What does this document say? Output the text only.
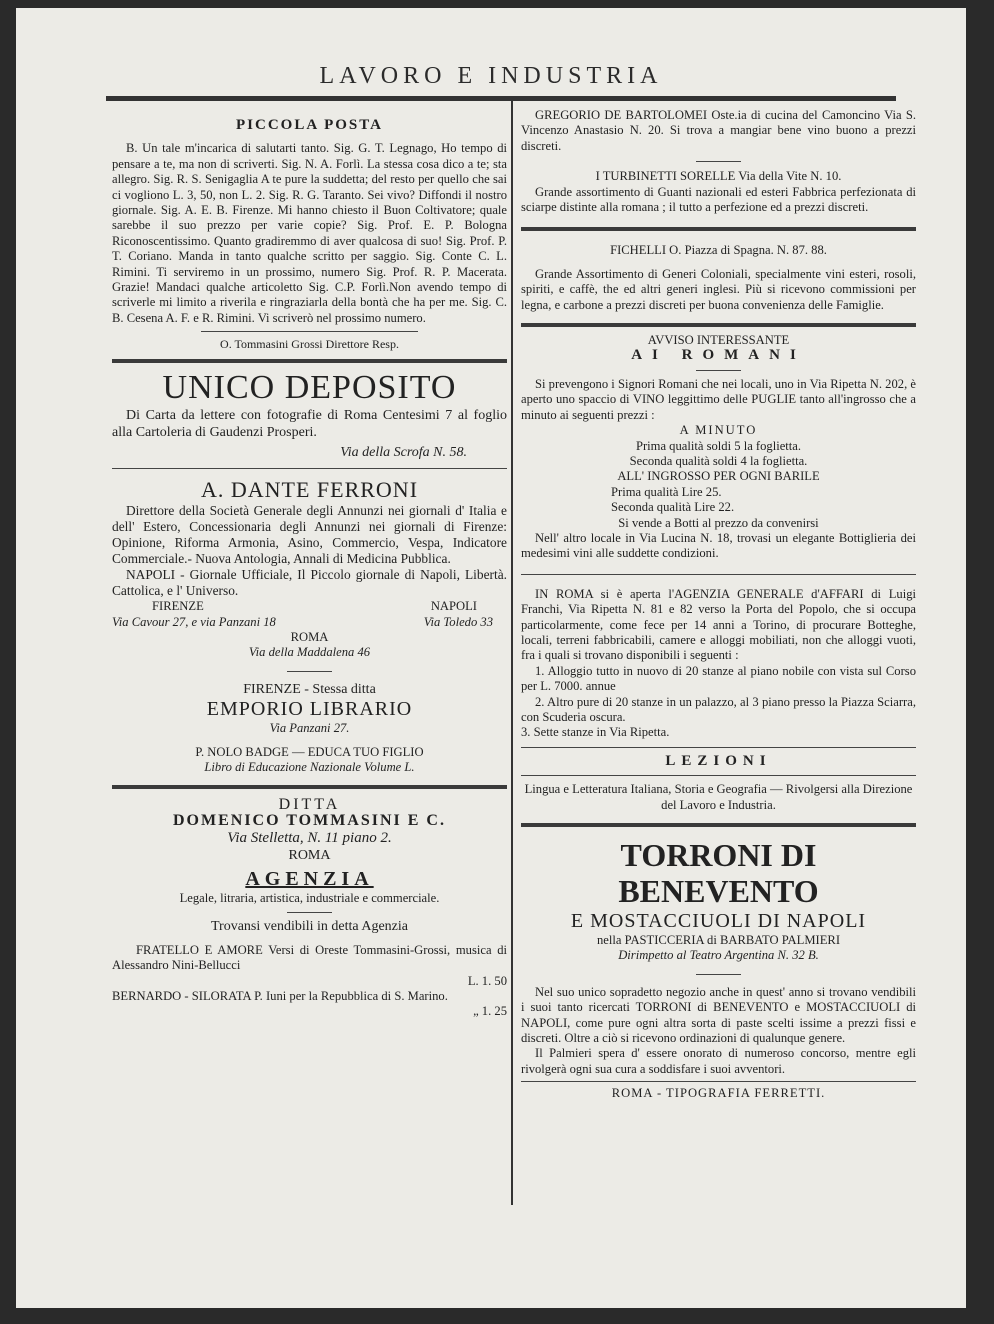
LAVORO E INDUSTRIA

PICCOLA POSTA

B. Un tale m'incarica di salutarti tanto. Sig. G. T. Legnago, Ho tempo di pensare a te, ma non di scriverti. Sig. N. A. Forlì. La stessa cosa dico a te; sta allegro. Sig. R. S. Senigaglia A te pure la suddetta; del resto per quello che sai ci vogliono L. 3, 50, non L. 2. Sig. R. G. Taranto. Sei vivo? Diffondi il nostro giornale. Sig. A. E. B. Firenze. Mi hanno chiesto il Buon Coltivatore; quale sarebbe il suo prezzo per varie copie? Sig. Prof. E. P. Bologna Riconoscentissimo. Quanto gradiremmo di aver qualcosa di suo! Sig. Prof. P. T. Coriano. Manda in tanto qualche scritto per saggio. Sig. Conte C. L. Rimini. Ti serviremo in un prossimo, numero Sig. Prof. R. P. Macerata. Grazie! Mandaci qualche articoletto Sig. C.P. Forlì.Non avendo tempo di scriverle mi limito a riverila e ringraziarla della bontà che ha per me. Sig. C. B. Cesena A. F. e R. Rimini. Vi scriverò nel prossimo numero.

O. Tommasini Grossi Direttore Resp.

UNICO DEPOSITO

Di Carta da lettere con fotografie di Roma Centesimi 7 al foglio alla Cartoleria di Gaudenzi Prosperi.

Via della Scrofa N. 58.

A. DANTE FERRONI

Direttore della Società Generale degli Annunzi nei giornali d' Italia e dell' Estero, Concessionaria degli Annunzi nei giornali di Firenze: Opinione, Riforma Armonia, Asino, Commercio, Vespa, Indicatore Commerciale.- Nuova Antologia, Annali di Medicina Pubblica.

NAPOLI - Giornale Ufficiale, Il Piccolo giornale di Napoli, Libertà. Cattolica, e l' Universo.

FIRENZE	NAPOLI
Via Cavour 27, e via Panzani 18	Via Toledo 33

ROMA

Via della Maddalena 46

FIRENZE - Stessa ditta

EMPORIO LIBRARIO

Via Panzani 27.

P. NOLO BADGE — EDUCA TUO FIGLIO

Libro di Educazione Nazionale Volume L.

DITTA

DOMENICO TOMMASINI E C.

Via Stelletta, N. 11 piano 2.

ROMA

AGENZIA

Legale, litraria, artistica, industriale e commerciale.

Trovansi vendibili in detta Agenzia

FRATELLO E AMORE Versi di Oreste Tommasini-Grossi, musica di Alessandro Nini-Bellucci

L. 1. 50

BERNARDO - SILORATA P. Iuni per la Repubblica di S. Marino.

„ 1. 25

GREGORIO DE BARTOLOMEI Oste.ia di cucina del Camoncino Via S. Vincenzo Anastasio N. 20. Si trova a mangiar bene vino buono a prezzi discreti.

I TURBINETTI SORELLE Via della Vite N. 10.

Grande assortimento di Guanti nazionali ed esteri Fabbrica perfezionata di sciarpe distinte alla romana ; il tutto a perfezione ed a prezzi discreti.

FICHELLI O. Piazza di Spagna. N. 87. 88.

Grande Assortimento di Generi Coloniali, specialmente vini esteri, rosoli, spiriti, e caffè, the ed altri generi inglesi. Più si ricevono commissioni per legna, e carbone a prezzi discreti per buona convenienza delle Famiglie.

AVVISO INTERESSANTE

AI ROMANI

Si prevengono i Signori Romani che nei locali, uno in Via Ripetta N. 202, è aperto uno spaccio di VINO leggittimo delle PUGLIE tanto all'ingrosso che a minuto ai seguenti prezzi :

A MINUTO

Prima qualità soldi 5 la foglietta.

Seconda qualità soldi 4 la foglietta.

ALL' INGROSSO PER OGNI BARILE

Prima qualità Lire 25.

Seconda qualità Lire 22.

Si vende a Botti al prezzo da convenirsi

Nell' altro locale in Via Lucina N. 18, trovasi un elegante Bottiglieria dei medesimi vini alle suddette condizioni.

IN ROMA si è aperta l'AGENZIA GENERALE d'AFFARI di Luigi Franchi, Via Ripetta N. 81 e 82 verso la Porta del Popolo, che si occupa particolarmente, come fece per 14 anni a Torino, di procurare Botteghe, locali, terreni fabbricabili, camere e alloggi mobiliati, non che alloggi vuoti, fra i quali si trovano disponibili i seguenti :

1. Alloggio tutto in nuovo di 20 stanze al piano nobile con vista sul Corso per L. 7000. annue

2. Altro pure di 20 stanze in un palazzo, al 3 piano presso la Piazza Sciarra, con Scuderia oscura.

3. Sette stanze in Via Ripetta.

LEZIONI

Lingua e Letteratura Italiana, Storia e Geografia — Rivolgersi alla Direzione del Lavoro e Industria.

TORRONI DI BENEVENTO

E MOSTACCIUOLI DI NAPOLI

nella PASTICCERIA di BARBATO PALMIERI

Dirimpetto al Teatro Argentina N. 32 B.

Nel suo unico sopradetto negozio anche in quest' anno si trovano vendibili i suoi tanto ricercati TORRONI di BENEVENTO e MOSTACCIUOLI di NAPOLI, come pure ogni altra sorta di paste scelti issime a prezzi fissi e discreti. Oltre a ciò si ricevono ordinazioni di qualunque genere.

Il Palmieri spera d' essere onorato di numeroso concorso, mentre egli rivolgerà ogni sua cura a soddisfare i suoi avventori.

ROMA - TIPOGRAFIA FERRETTI.
